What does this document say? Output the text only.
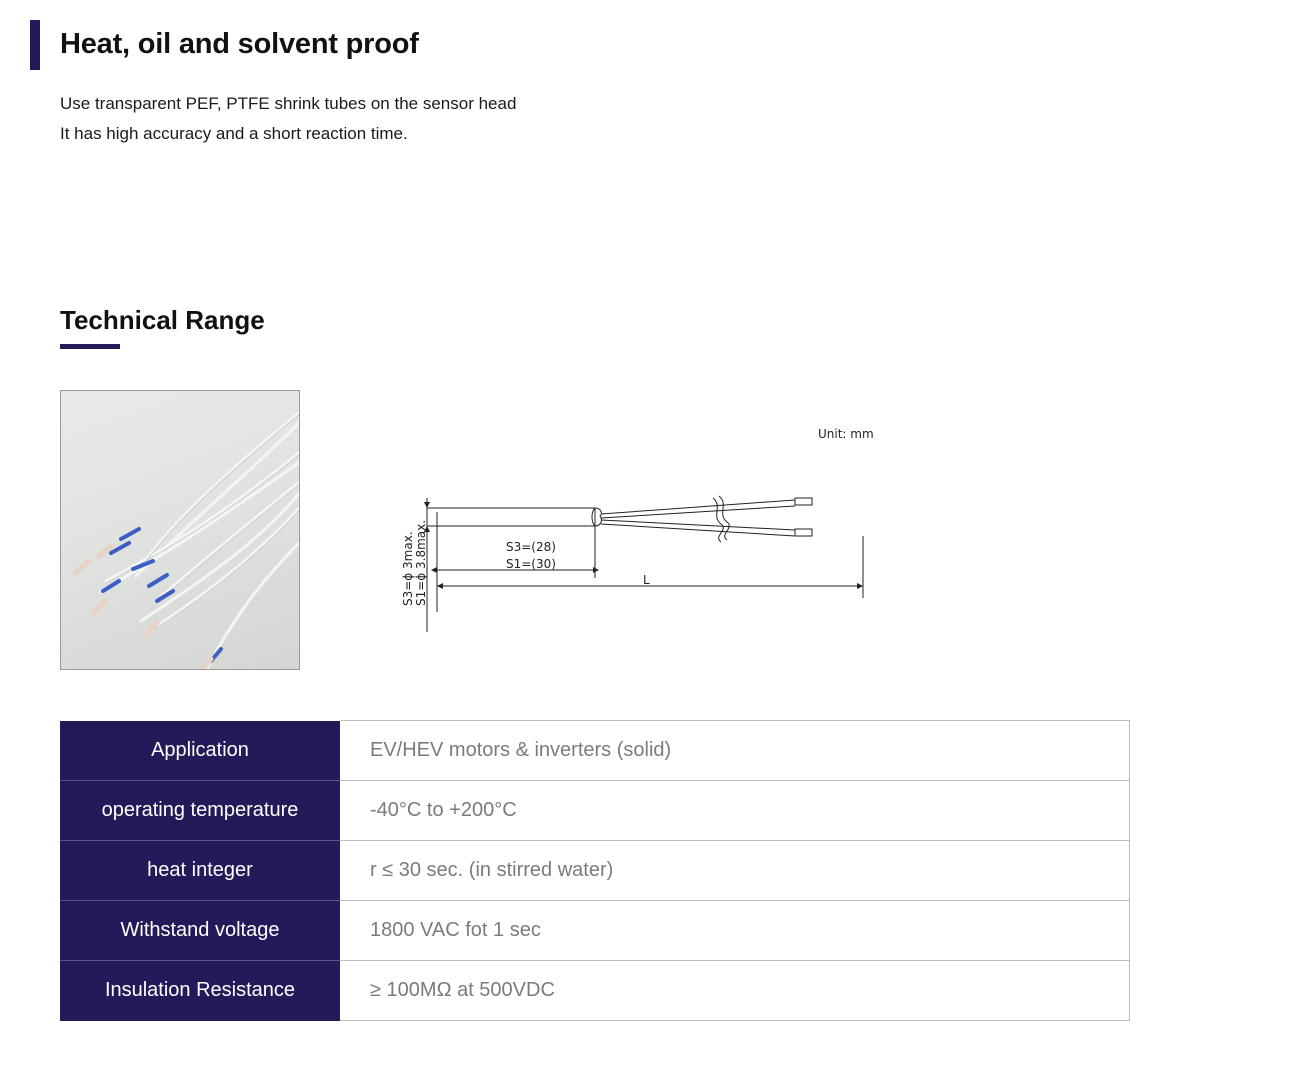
Heat, oil and solvent proof
Use transparent PEF, PTFE shrink tubes on the sensor head
It has high accuracy and a short reaction time.
Technical Range
Unit: mm
S3=(28)
S1=(30)
L
S3=ϕ 3max. S1=ϕ 3.8max.
Application	EV/HEV motors & inverters (solid)
operating temperature	-40°C to +200°C
heat integer	r ≤ 30 sec. (in stirred water)
Withstand voltage	1800 VAC fot 1 sec
Insulation Resistance	≥ 100MΩ at 500VDC
